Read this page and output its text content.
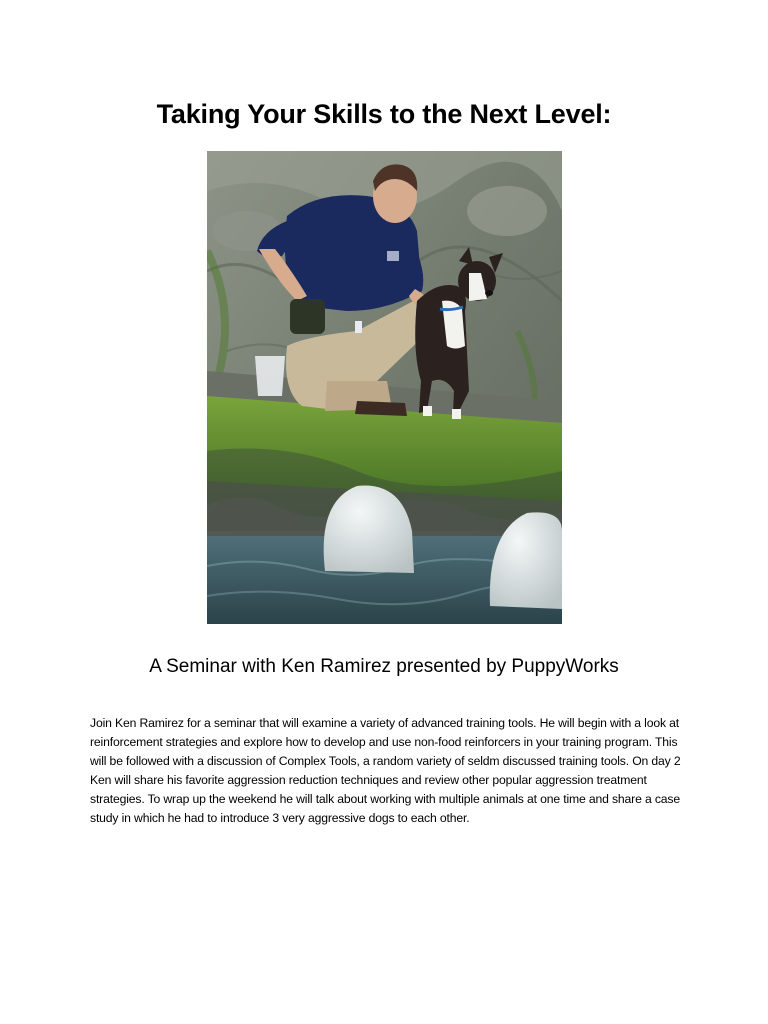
Taking Your Skills to the Next Level:

A Seminar with Ken Ramirez presented by PuppyWorks

Join Ken Ramirez for a seminar that will examine a variety of advanced training tools. He will begin with a look at reinforcement strategies and explore how to develop and use non-food reinforcers in your training program. This will be followed with a discussion of Complex Tools, a random variety of seldm discussed training tools. On day 2 Ken will share his favorite aggression reduction techniques and review other popular aggression treatment strategies. To wrap up the weekend he will talk about working with multiple animals at one time and share a case study in which he had to introduce 3 very aggressive dogs to each other.
